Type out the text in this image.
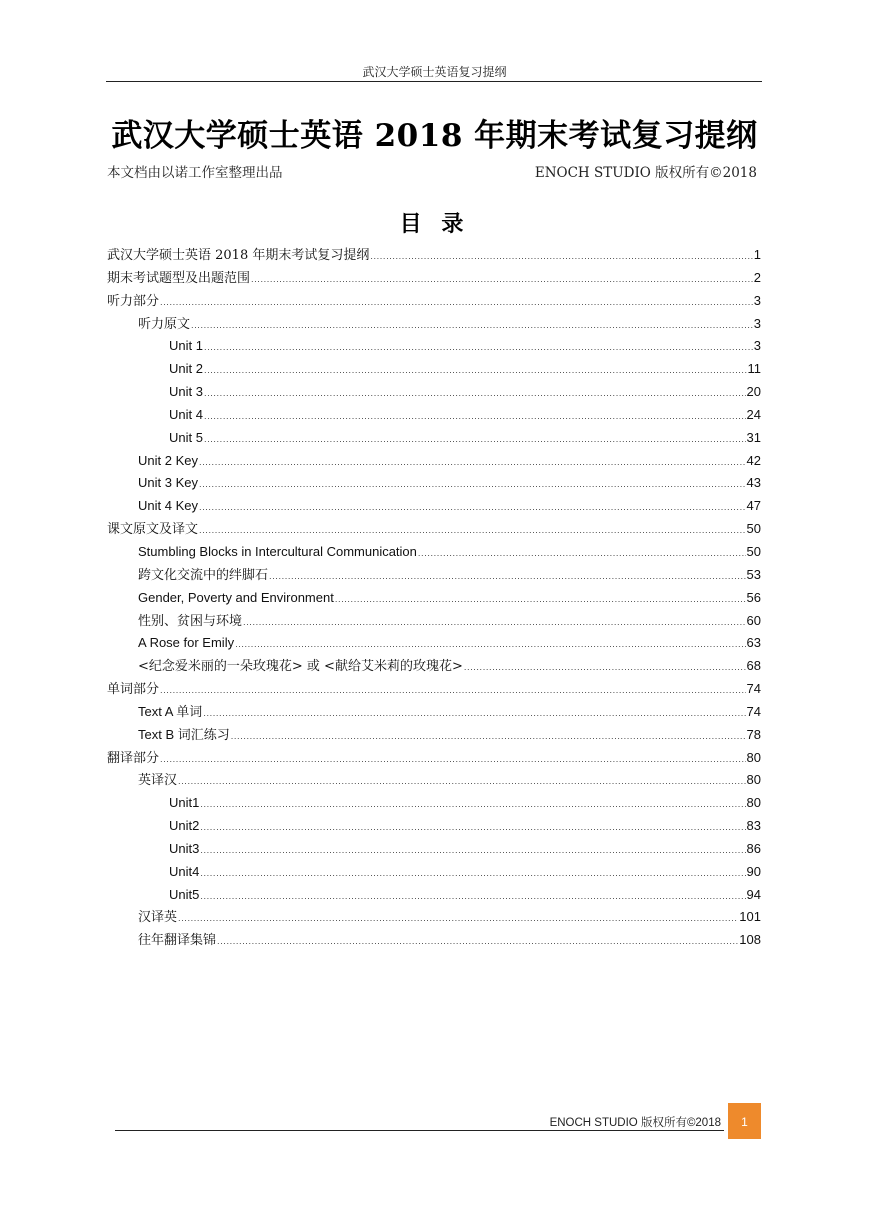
武汉大学硕士英语复习提纲
武汉大学硕士英语 2018 年期末考试复习提纲
本文档由以诺工作室整理出品	ENOCH STUDIO 版权所有©2018
目 录
武汉大学硕士英语 2018 年期末考试复习提纲 .....	1
期末考试题型及出题范围 .....	2
听力部分 .....	3
听力原文 .....	3
Unit 1 .....	3
Unit 2 .....	11
Unit 3 .....	20
Unit 4 .....	24
Unit 5 .....	31
Unit 2 Key .....	42
Unit 3 Key .....	43
Unit 4 Key .....	47
课文原文及译文 .....	50
Stumbling Blocks in Intercultural Communication .....	50
跨文化交流中的绊脚石 .....	53
Gender, Poverty and Environment .....	56
性别、贫困与环境 .....	60
A Rose for Emily .....	63
<纪念爱米丽的一朵玫瑰花> 或 <献给艾米莉的玫瑰花> .....	68
单词部分 .....	74
Text A 单词 .....	74
Text B 词汇练习 .....	78
翻译部分 .....	80
英译汉 .....	80
Unit1 .....	80
Unit2 .....	83
Unit3 .....	86
Unit4 .....	90
Unit5 .....	94
汉译英 .....	101
往年翻译集锦 .....	108
ENOCH STUDIO 版权所有©2018	1
